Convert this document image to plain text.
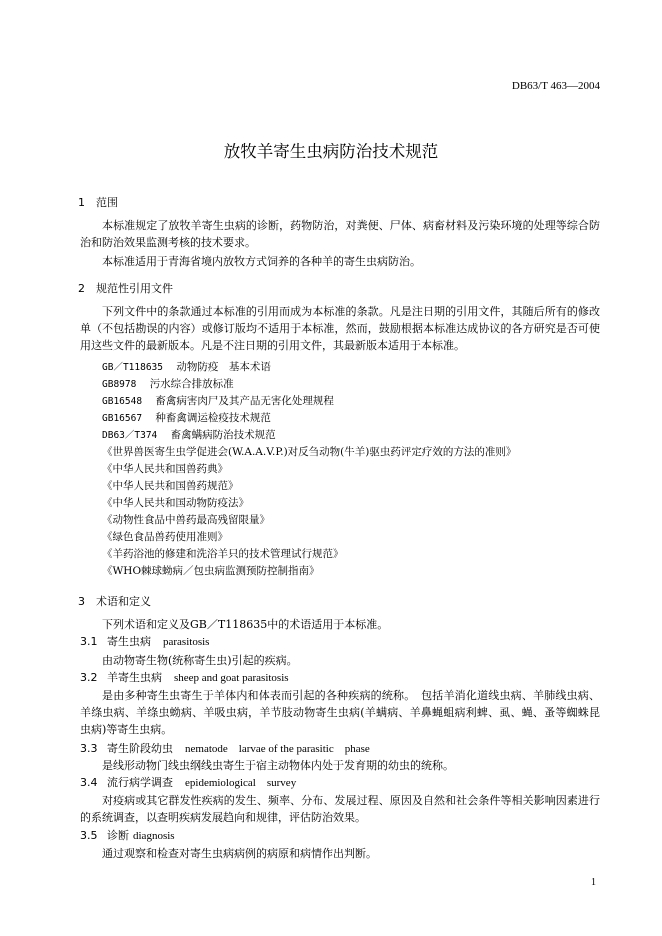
DB63/T 463—2004
放牧羊寄生虫病防治技术规范
1 范围
本标准规定了放牧羊寄生虫病的诊断，药物防治，对粪便、尸体、病畜材料及污染环境的处理等综合防治和防治效果监测考核的技术要求。
本标准适用于青海省境内放牧方式饲养的各种羊的寄生虫病防治。
2 规范性引用文件
下列文件中的条款通过本标准的引用而成为本标准的条款。凡是注日期的引用文件，其随后所有的修改单（不包括勘误的内容）或修订版均不适用于本标准，然而，鼓励根据本标准达成协议的各方研究是否可使用这些文件的最新版本。凡是不注日期的引用文件，其最新版本适用于本标准。
GB／T118635 动物防疫　基本术语
GB8978 污水综合排放标准
GB16548 畜禽病害肉尸及其产品无害化处理规程
GB16567 种畜禽调运检疫技术规范
DB63／T374 畜禽螨病防治技术规范
《世界兽医寄生虫学促进会(W.A.A.V.P.)对反刍动物(牛羊)驱虫药评定疗效的方法的准则》
《中华人民共和国兽药典》
《中华人民共和国兽药规范》
《中华人民共和国动物防疫法》
《动物性食品中兽药最高残留限量》
《绿色食品兽药使用准则》
《羊药浴池的修建和洗浴羊只的技术管理试行规范》
《WHO棘球蚴病／包虫病监测预防控制指南》
3 术语和定义
下列术语和定义及GB／T118635中的术语适用于本标准。
3.1 寄生虫病 parasitosis
由动物寄生物(统称寄生虫)引起的疾病。
3.2 羊寄生虫病 sheep and goat parasitosis
是由多种寄生虫寄生于羊体内和体表而引起的各种疾病的统称。　包括羊消化道线虫病、羊肺线虫病、羊绦虫病、羊绦虫蚴病、羊吸虫病，羊节肢动物寄生虫病(羊螨病、羊鼻蝇蛆病利蜱、虱、蝇、蚤等蜘蛛昆虫病)等寄生虫病。
3.3 寄生阶段幼虫 nematode　larvae of the parasitic　phase
是线形动物门线虫纲线虫寄生于宿主动物体内处于发育期的幼虫的统称。
3.4 流行病学调查 epidemiological　survey
对疫病或其它群发性疾病的发生、频率、分布、发展过程、原因及自然和社会条件等相关影响因素进行的系统调查，以查明疾病发展趋向和规律，评估防治效果。
3.5 诊断 diagnosis
通过观察和检查对寄生虫病病例的病原和病情作出判断。
1
